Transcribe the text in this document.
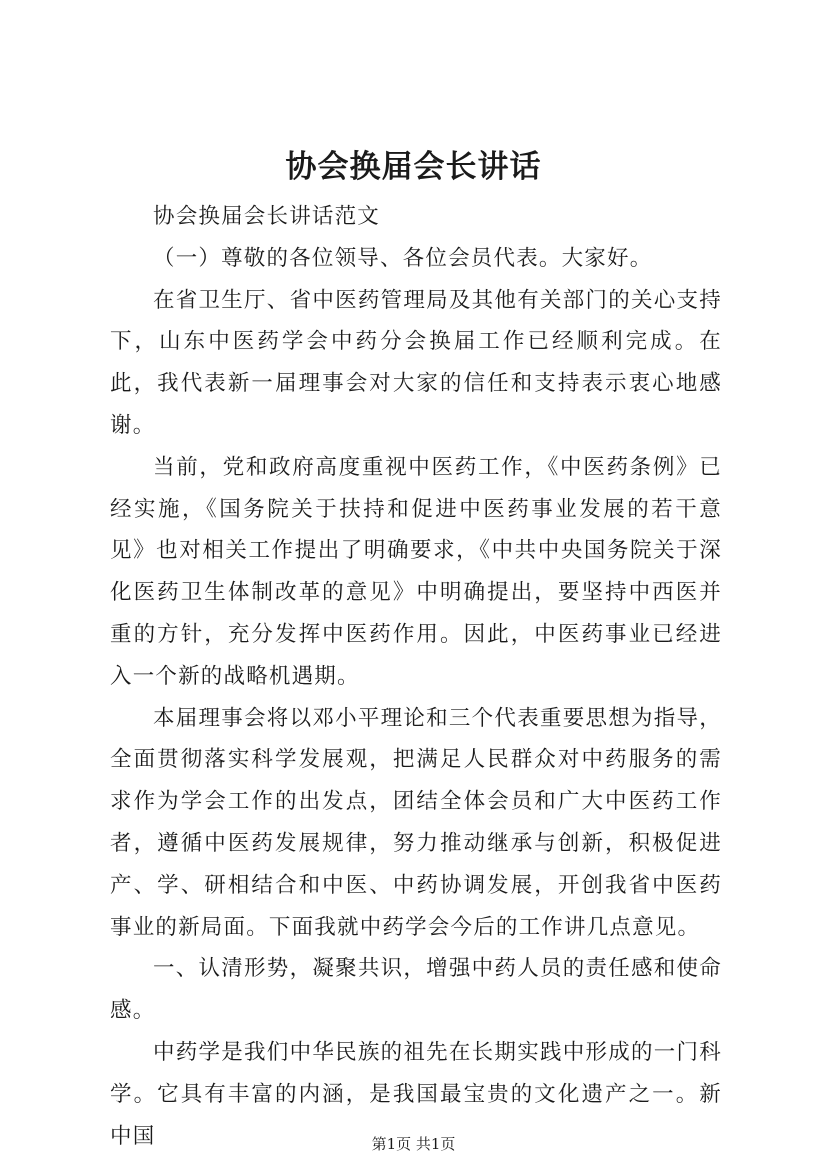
协会换届会长讲话

协会换届会长讲话范文

（一）尊敬的各位领导、各位会员代表。大家好。

在省卫生厅、省中医药管理局及其他有关部门的关心支持下，山东中医药学会中药分会换届工作已经顺利完成。在此，我代表新一届理事会对大家的信任和支持表示衷心地感谢。

当前，党和政府高度重视中医药工作，《中医药条例》已经实施，《国务院关于扶持和促进中医药事业发展的若干意见》也对相关工作提出了明确要求，《中共中央国务院关于深化医药卫生体制改革的意见》中明确提出，要坚持中西医并重的方针，充分发挥中医药作用。因此，中医药事业已经进入一个新的战略机遇期。

本届理事会将以邓小平理论和三个代表重要思想为指导，全面贯彻落实科学发展观，把满足人民群众对中药服务的需求作为学会工作的出发点，团结全体会员和广大中医药工作者，遵循中医药发展规律，努力推动继承与创新，积极促进产、学、研相结合和中医、中药协调发展，开创我省中医药事业的新局面。下面我就中药学会今后的工作讲几点意见。

一、认清形势，凝聚共识，增强中药人员的责任感和使命感。

中药学是我们中华民族的祖先在长期实践中形成的一门科学。它具有丰富的内涵，是我国最宝贵的文化遗产之一。新中国	第1页 共1页
